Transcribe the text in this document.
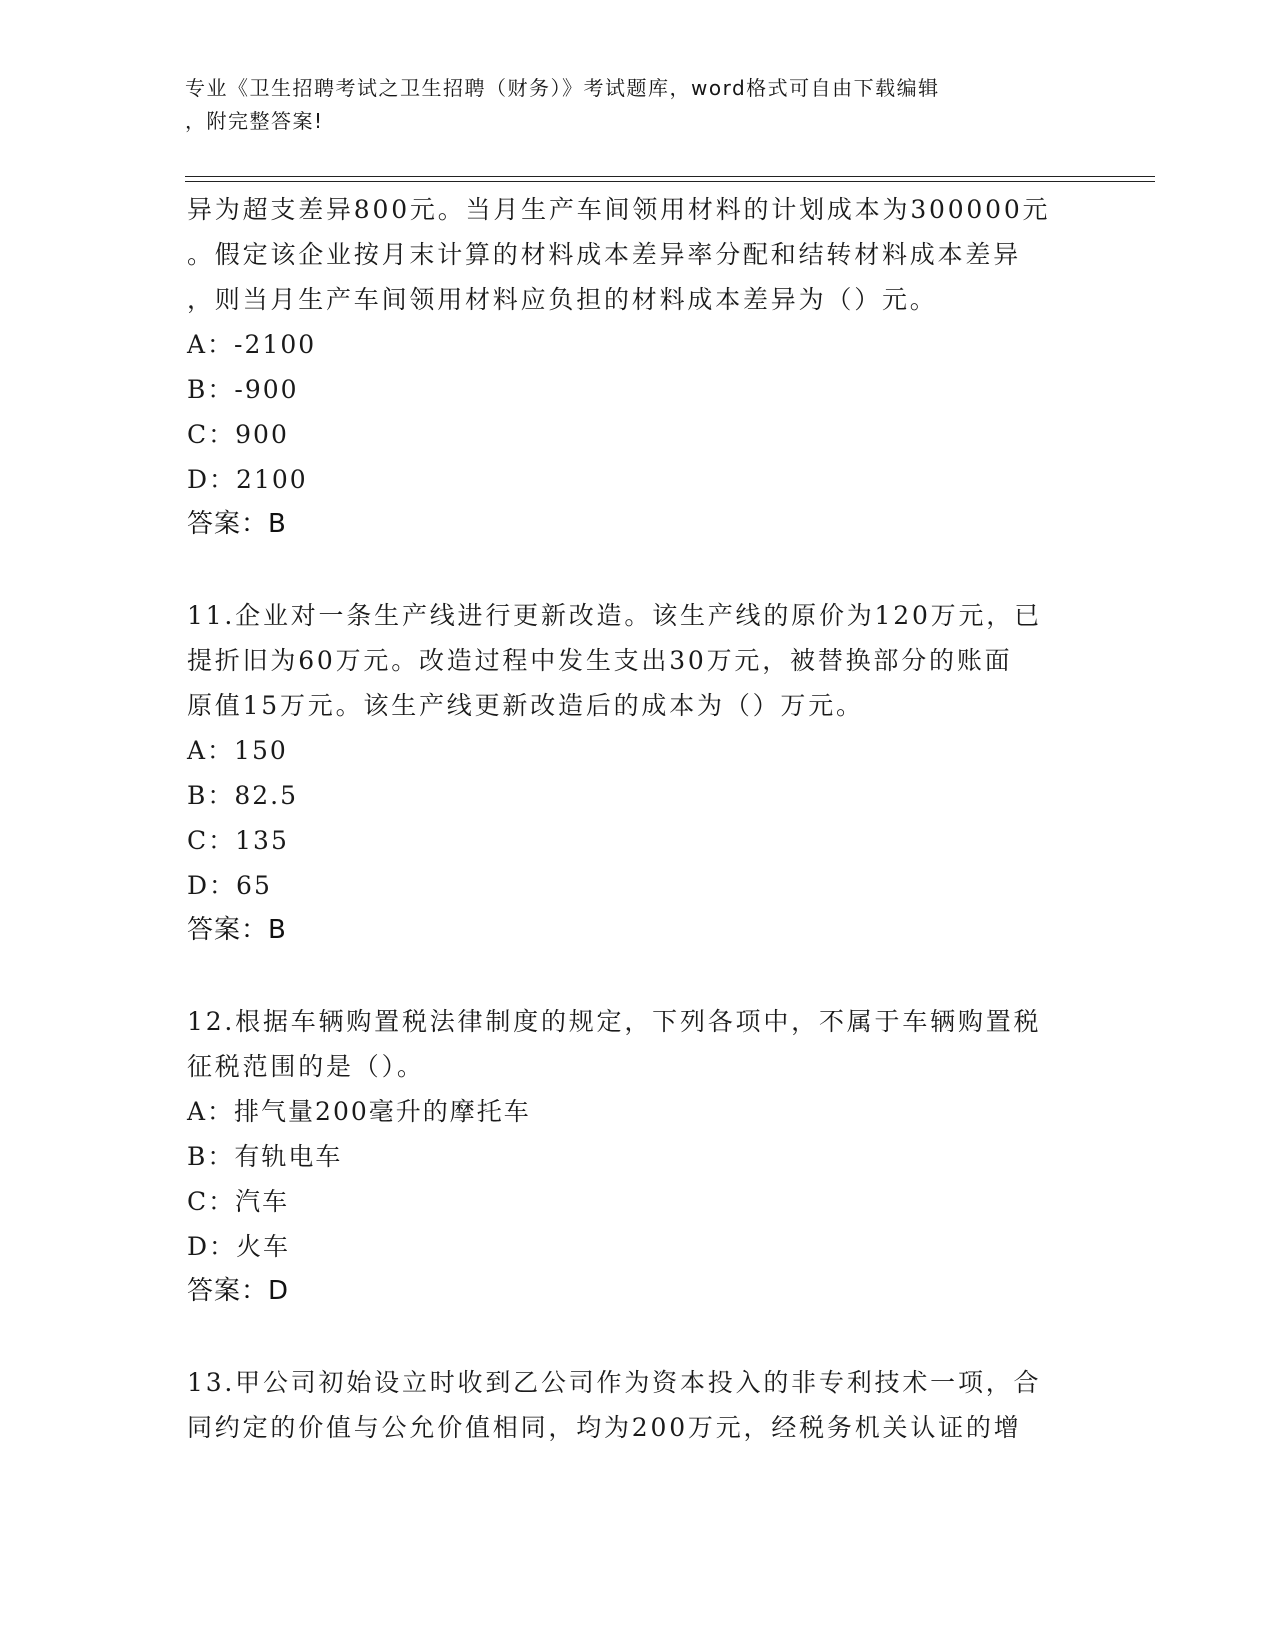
专业《卫生招聘考试之卫生招聘（财务）》考试题库，word格式可自由下载编辑
，附完整答案!

异为超支差异800元。当月生产车间领用材料的计划成本为300000元

。假定该企业按月末计算的材料成本差异率分配和结转材料成本差异

，则当月生产车间领用材料应负担的材料成本差异为（）元。

A：-2100

B：-900

C：900

D：2100

答案：B

11.企业对一条生产线进行更新改造。该生产线的原价为120万元，已

提折旧为60万元。改造过程中发生支出30万元，被替换部分的账面

原值15万元。该生产线更新改造后的成本为（）万元。

A：150

B：82.5

C：135

D：65

答案：B

12.根据车辆购置税法律制度的规定，下列各项中，不属于车辆购置税

征税范围的是（）。

A：排气量200毫升的摩托车

B：有轨电车

C：汽车

D：火车

答案：D

13.甲公司初始设立时收到乙公司作为资本投入的非专利技术一项，合

同约定的价值与公允价值相同，均为200万元，经税务机关认证的增
